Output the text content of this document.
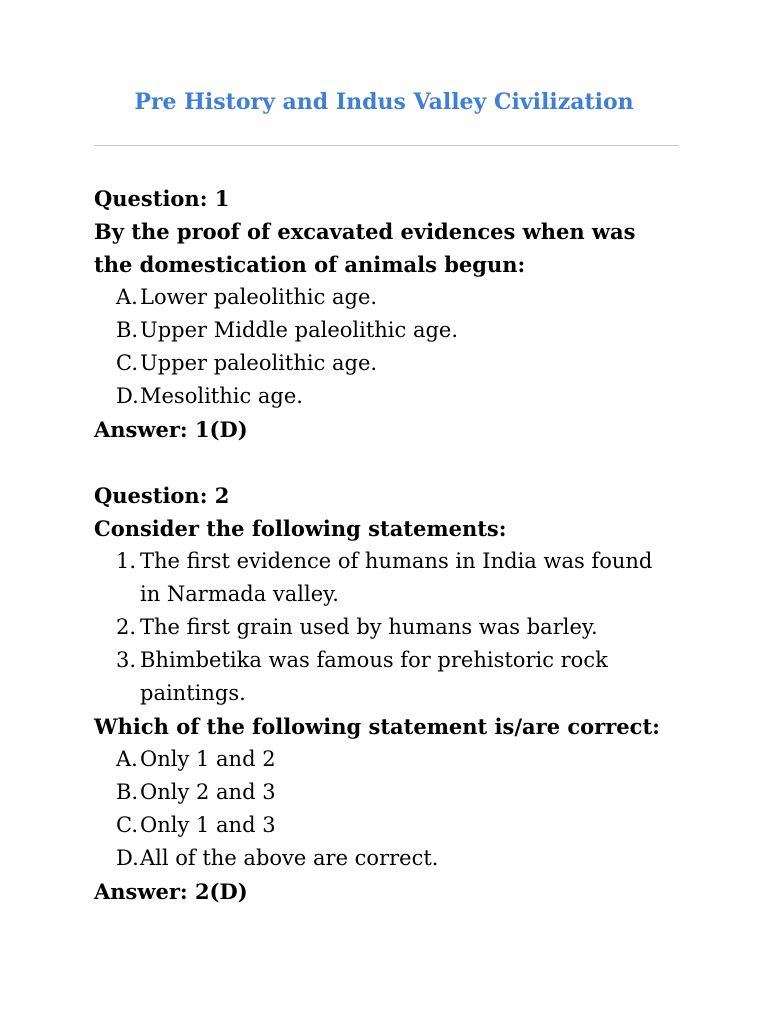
Pre History and Indus Valley Civilization
Question: 1
By the proof of excavated evidences when was
the domestication of animals begun:
A. Lower paleolithic age.
B. Upper Middle paleolithic age.
C. Upper paleolithic age.
D. Mesolithic age.
Answer: 1(D)
Question: 2
Consider the following statements:
1. The first evidence of humans in India was found
in Narmada valley.
2. The first grain used by humans was barley.
3. Bhimbetika was famous for prehistoric rock
paintings.
Which of the following statement is/are correct:
A. Only 1 and 2
B. Only 2 and 3
C. Only 1 and 3
D. All of the above are correct.
Answer: 2(D)
